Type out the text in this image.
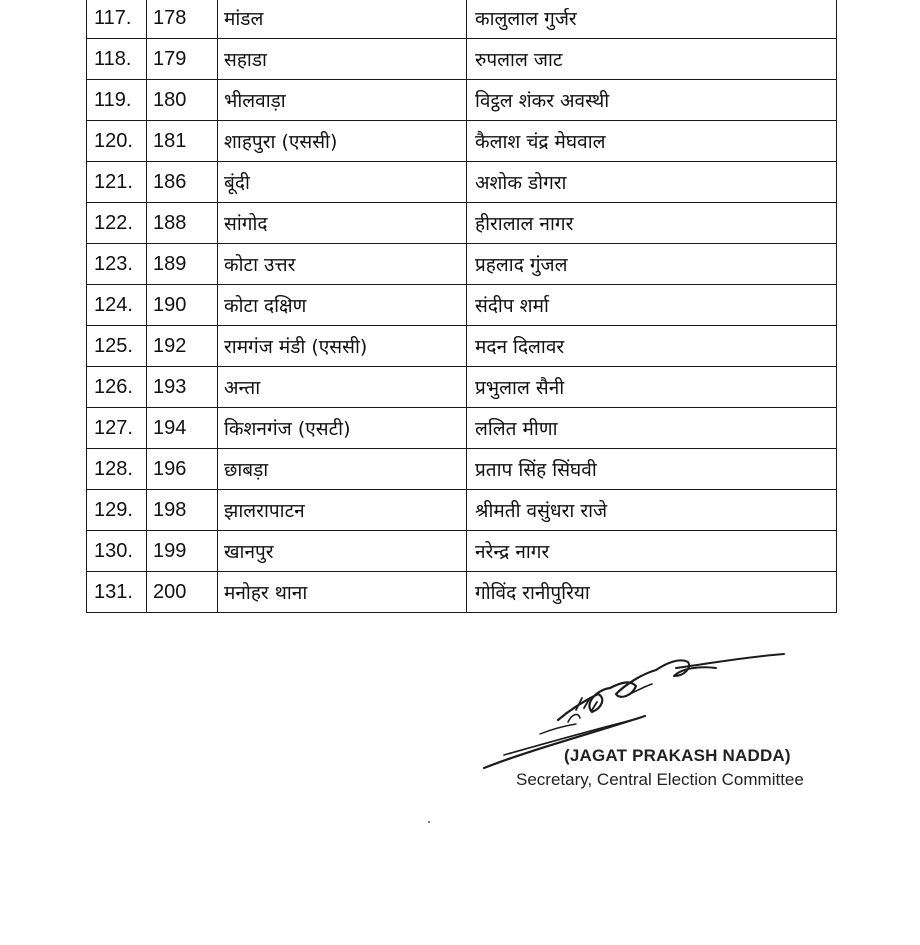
117.	178	मांडल	कालुलाल गुर्जर
118.	179	सहाडा	रुपलाल जाट
119.	180	भीलवाड़ा	विट्ठल शंकर अवस्थी
120.	181	शाहपुरा (एससी)	कैलाश चंद्र मेघवाल
121.	186	बूंदी	अशोक डोगरा
122.	188	सांगोद	हीरालाल नागर
123.	189	कोटा उत्तर	प्रहलाद गुंजल
124.	190	कोटा दक्षिण	संदीप शर्मा
125.	192	रामगंज मंडी (एससी)	मदन दिलावर
126.	193	अन्ता	प्रभुलाल सैनी
127.	194	किशनगंज (एसटी)	ललित मीणा
128.	196	छाबड़ा	प्रताप सिंह सिंघवी
129.	198	झालरापाटन	श्रीमती वसुंधरा राजे
130.	199	खानपुर	नरेन्द्र नागर
131.	200	मनोहर थाना	गोविंद रानीपुरिया
(JAGAT PRAKASH NADDA)
Secretary, Central Election Committee
